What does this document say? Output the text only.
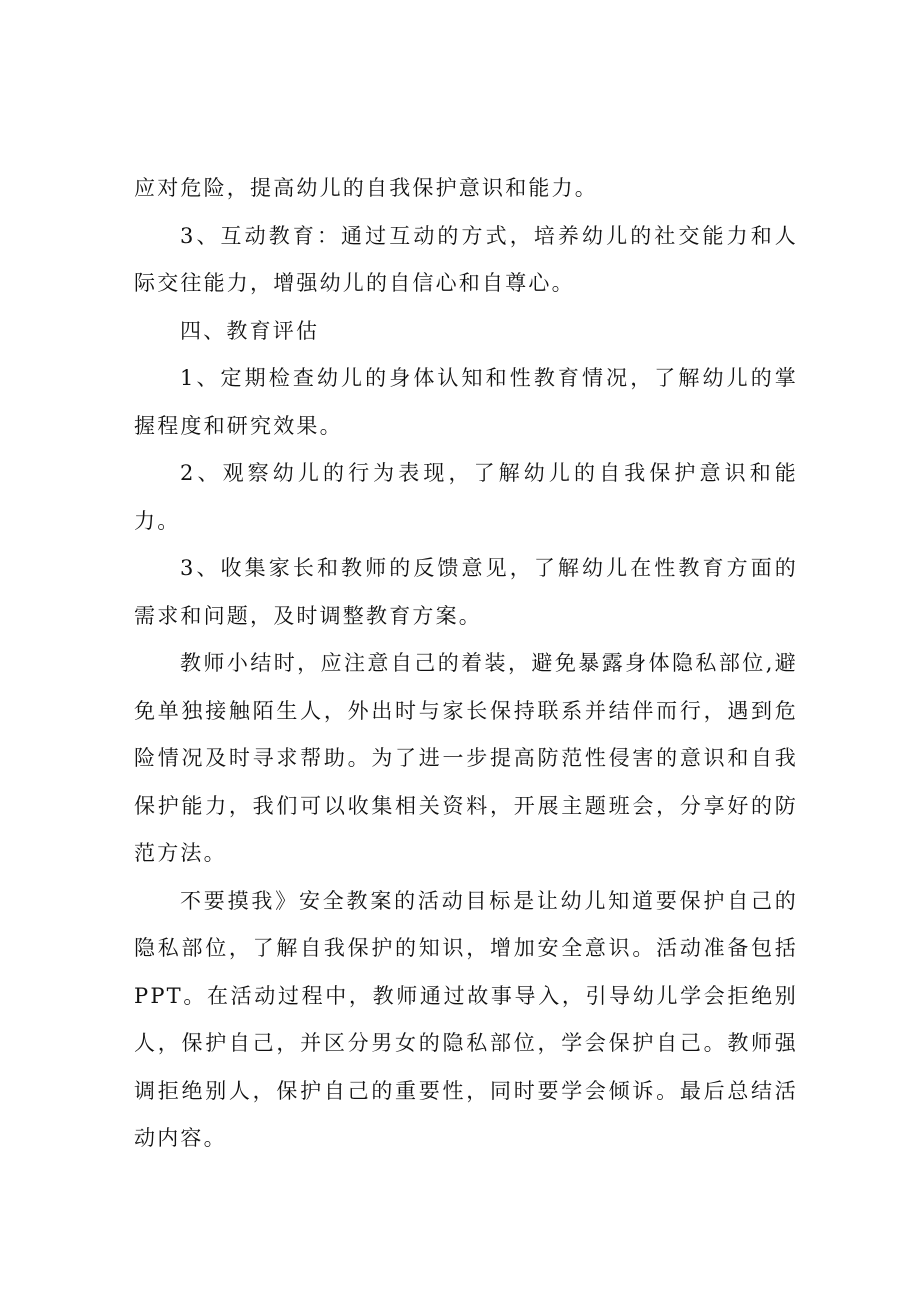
应对危险，提高幼儿的自我保护意识和能力。

3、互动教育：通过互动的方式，培养幼儿的社交能力和人际交往能力，增强幼儿的自信心和自尊心。

四、教育评估

1、定期检查幼儿的身体认知和性教育情况，了解幼儿的掌握程度和研究效果。

2、观察幼儿的行为表现，了解幼儿的自我保护意识和能力。

3、收集家长和教师的反馈意见，了解幼儿在性教育方面的需求和问题，及时调整教育方案。

教师小结时，应注意自己的着装，避免暴露身体隐私部位,避免单独接触陌生人，外出时与家长保持联系并结伴而行，遇到危险情况及时寻求帮助。为了进一步提高防范性侵害的意识和自我保护能力，我们可以收集相关资料，开展主题班会，分享好的防范方法。

不要摸我》安全教案的活动目标是让幼儿知道要保护自己的隐私部位，了解自我保护的知识，增加安全意识。活动准备包括PPT。在活动过程中，教师通过故事导入，引导幼儿学会拒绝别人，保护自己，并区分男女的隐私部位，学会保护自己。教师强调拒绝别人，保护自己的重要性，同时要学会倾诉。最后总结活动内容。
